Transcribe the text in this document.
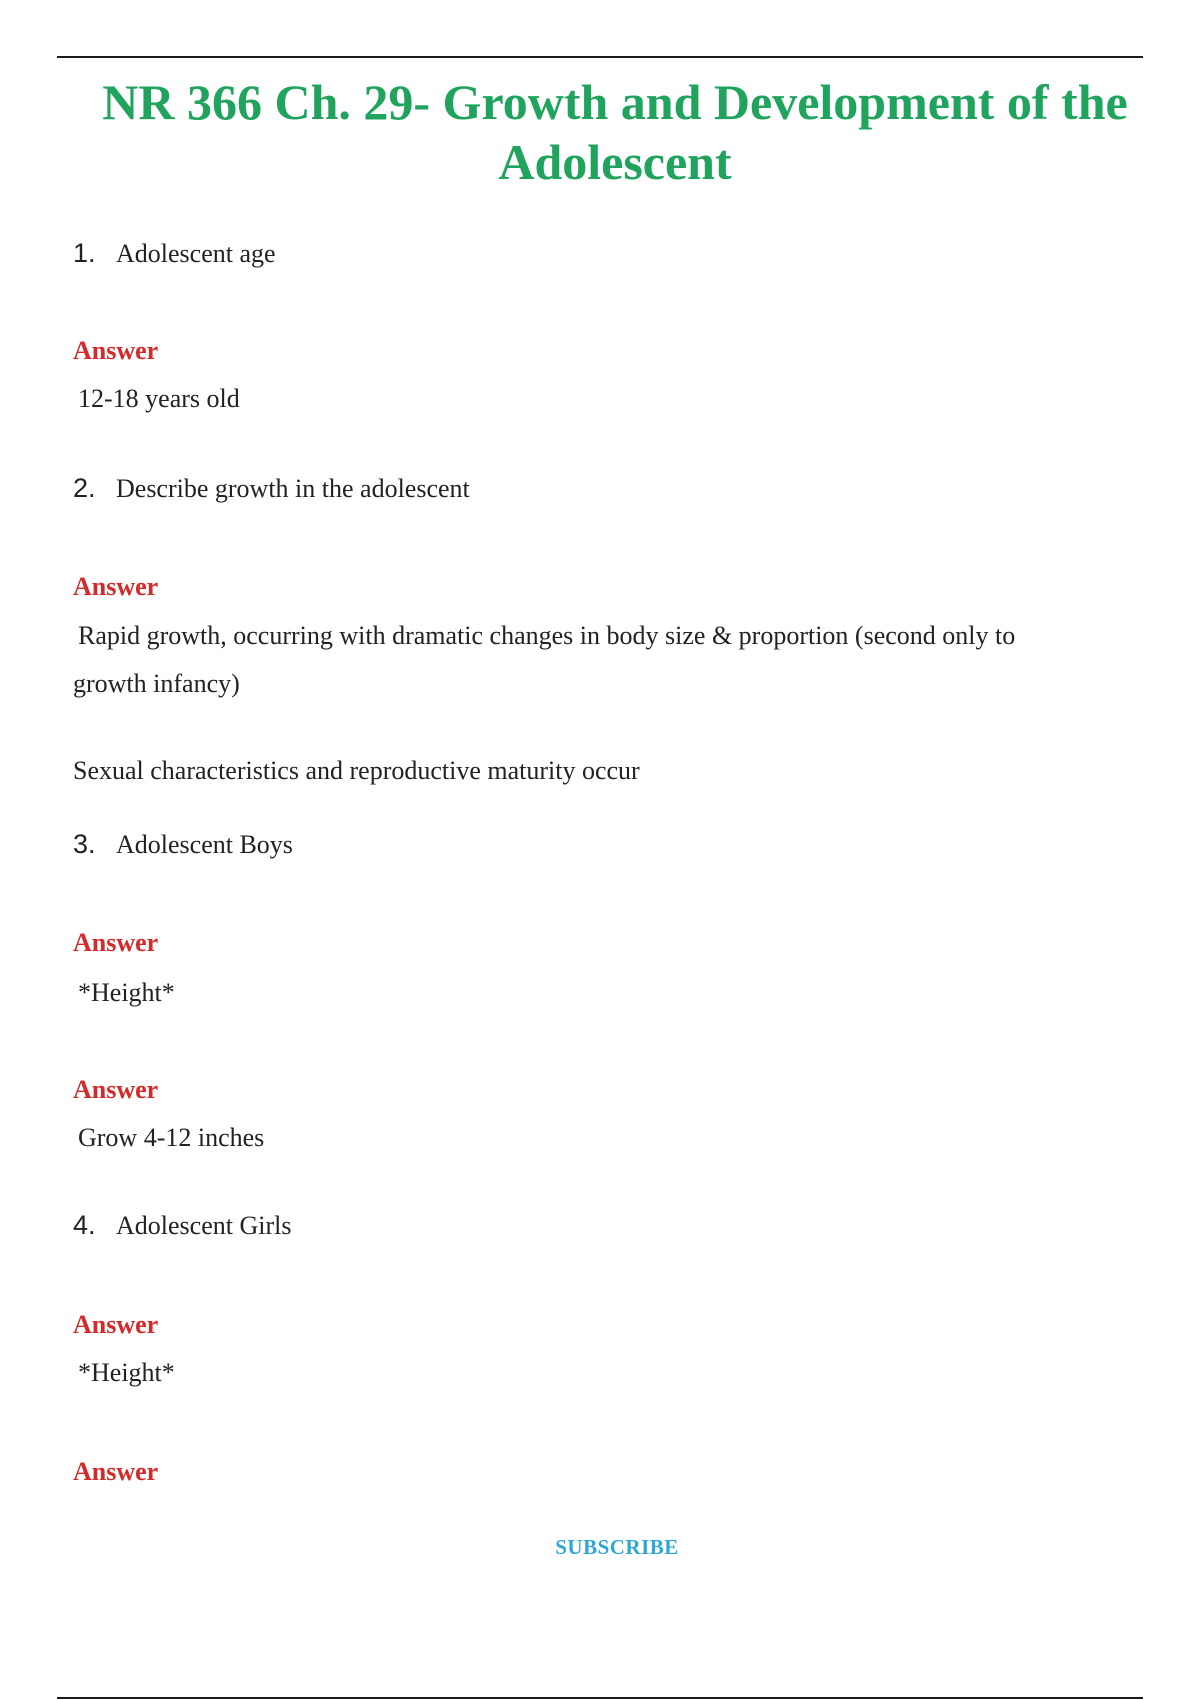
NR 366 Ch. 29- Growth and Development of the Adolescent

1. Adolescent age

Answer

12-18 years old

2. Describe growth in the adolescent

Answer

Rapid growth, occurring with dramatic changes in body size & proportion (second only to growth infancy)

Sexual characteristics and reproductive maturity occur

3. Adolescent Boys

Answer

*Height*

Answer

Grow 4-12 inches

4. Adolescent Girls

Answer

*Height*

Answer

SUBSCRIBE
